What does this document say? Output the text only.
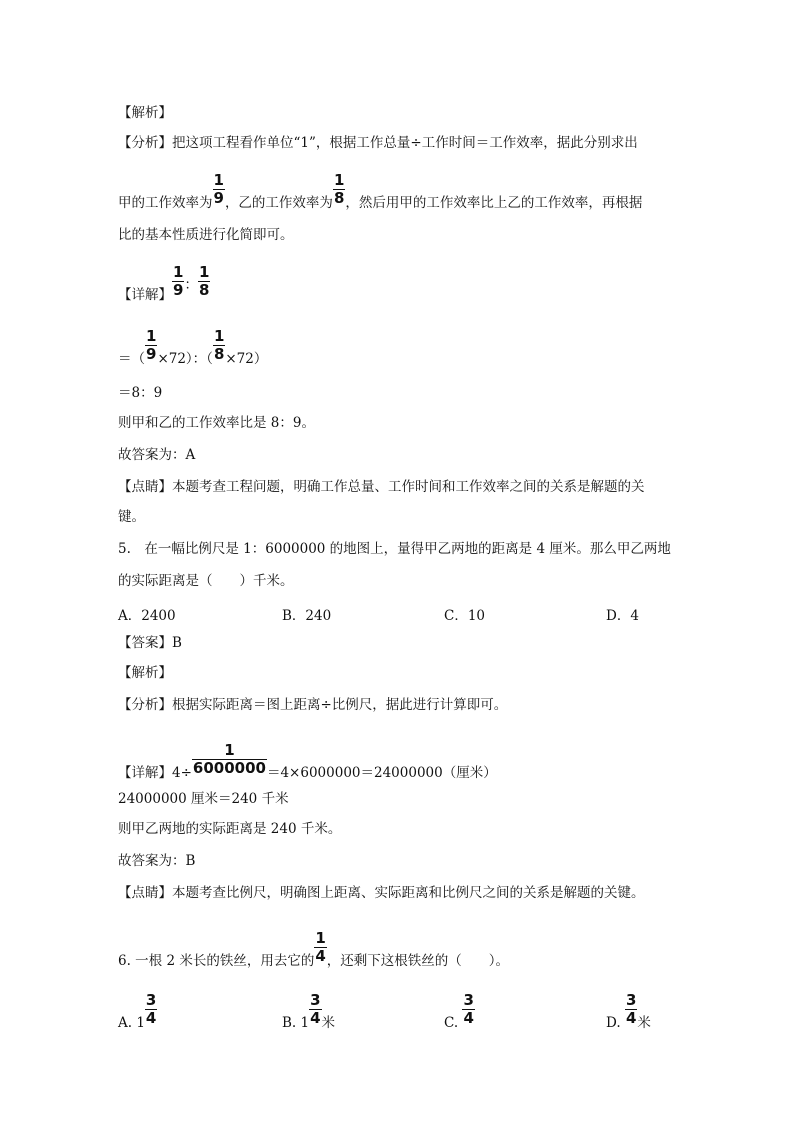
【解析】
【分析】把这项工程看作单位“1”，根据工作总量÷工作时间＝工作效率，据此分别求出
甲的工作效率为 $\frac{1}{9}$ ，乙的工作效率为 $\frac{1}{8}$ ，然后用甲的工作效率比上乙的工作效率，再根据
比的基本性质进行化简即可。
【详解】 $\frac{1}{9}$ ： $\frac{1}{8}$
＝（ $\frac{1}{9} \times 72$）：（ $\frac{1}{8} \times 72$）
＝8：9
则甲和乙的工作效率比是 8：9。
故答案为：A
【点睛】本题考查工程问题，明确工作总量、工作时间和工作效率之间的关系是解题的关
键。
5.　在一幅比例尺是 1：6000000 的地图上，量得甲乙两地的距离是 4 厘米。那么甲乙两地
的实际距离是（　　）千米。
A．2400	B．240	C．10	D．4
【答案】B
【解析】
【分析】根据实际距离＝图上距离÷比例尺，据此进行计算即可。
【详解】$4\div \frac{1}{6000000} =4\times 6000000=24000000$（厘米）
24000000 厘米＝240 千米
则甲乙两地的实际距离是 240 千米。
故答案为：B
【点睛】本题考查比例尺，明确图上距离、实际距离和比例尺之间的关系是解题的关键。
6. 一根 2 米长的铁丝，用去它的 $\frac{1}{4}$ ，还剩下这根铁丝的（　　）。
A. $1 \frac{3}{4}$	B. $1 \frac{3}{4}$ 米	C. $\frac{3}{4}$	D. $\frac{3}{4}$ 米
